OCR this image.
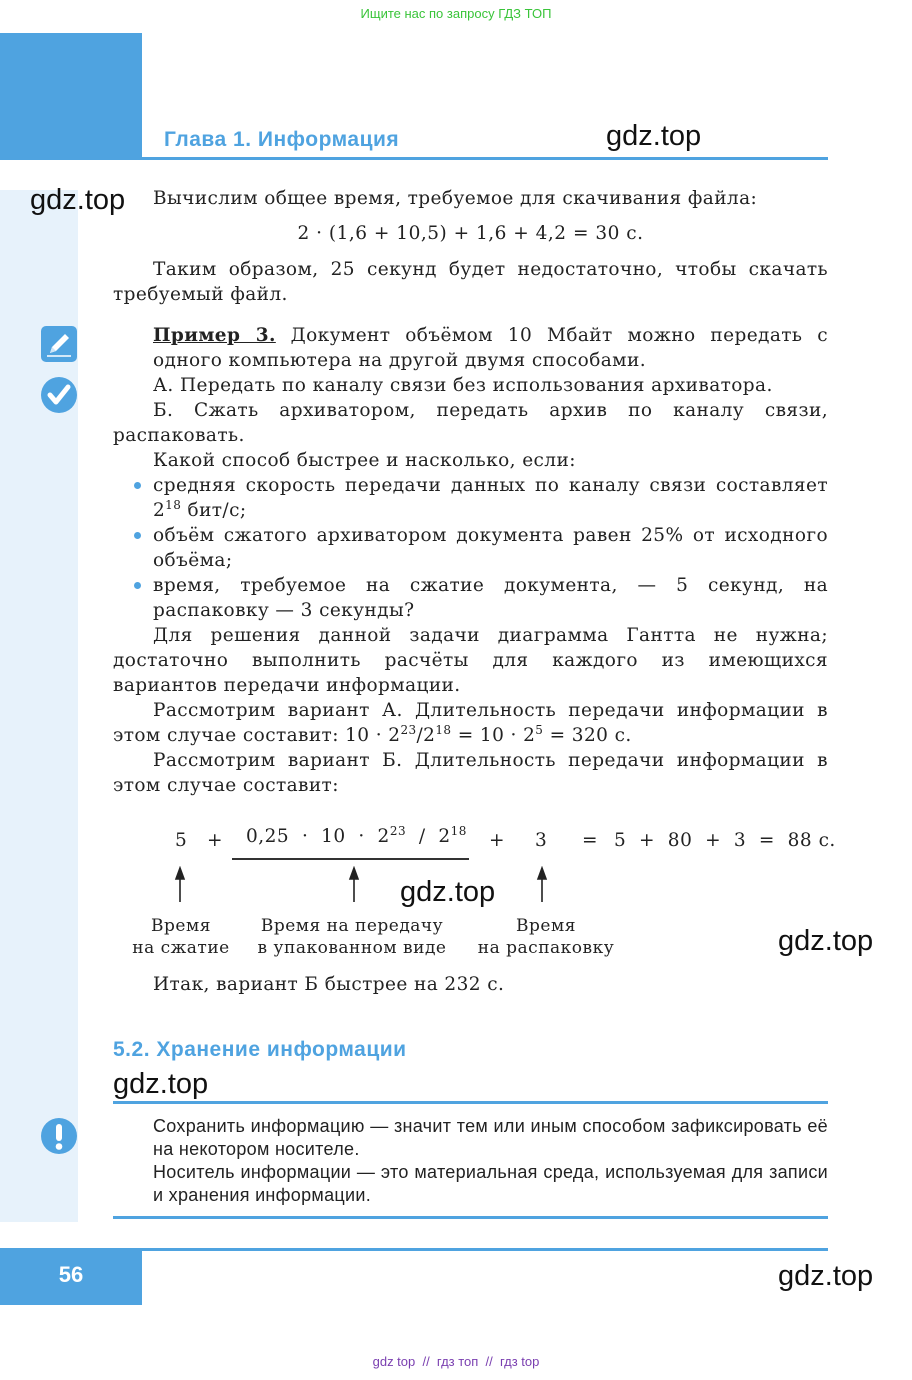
Ищите нас по запросу ГДЗ ТОП
Глава 1. Информация	gdz.top
gdz.top	Вычислим общее время, требуемое для скачивания файла:

2 · (1,6 + 10,5) + 1,6 + 4,2 = 30 с.

Таким образом, 25 секунд будет недостаточно, чтобы скачать требуемый файл.

Пример 3. Документ объёмом 10 Мбайт можно передать с одного компьютера на другой двумя способами.

А. Передать по каналу связи без использования архиватора.

Б. Сжать архиватором, передать архив по каналу связи, распаковать.

Какой способ быстрее и насколько, если:

средняя скорость передачи данных по каналу связи составляет $2^{18}$ бит/с;
объём сжатого архиватором документа равен 25% от исходного объёма;
время, требуемое на сжатие документа, — 5 секунд, на распаковку — 3 секунды?

Для решения данной задачи диаграмма Гантта не нужна; достаточно выполнить расчёты для каждого из имеющихся вариантов передачи информации.

Рассмотрим вариант А. Длительность передачи информации в этом случае составит: $10 \cdot 2^{23}/2^{18} = 10 \cdot 2^5 = 320$ с.

Рассмотрим вариант Б. Длительность передачи информации в этом случае составит:

$5 + 0,25 \cdot 10 \cdot 2^{23} / 2^{18} + 3 = 5 + 80 + 3 = 88$ с.
gdz.top
Время
на сжатие
Время на передачу
в упакованном виде
Время
на распаковку	gdz.top

Итак, вариант Б быстрее на 232 с.

5.2. Хранение информации
gdz.top

Сохранить информацию — значит тем или иным способом зафиксировать её на некотором носителе.

Носитель информации — это материальная среда, используемая для записи и хранения информации.

56	gdz.top
gdz top  //  гдз топ  //  гдз top
